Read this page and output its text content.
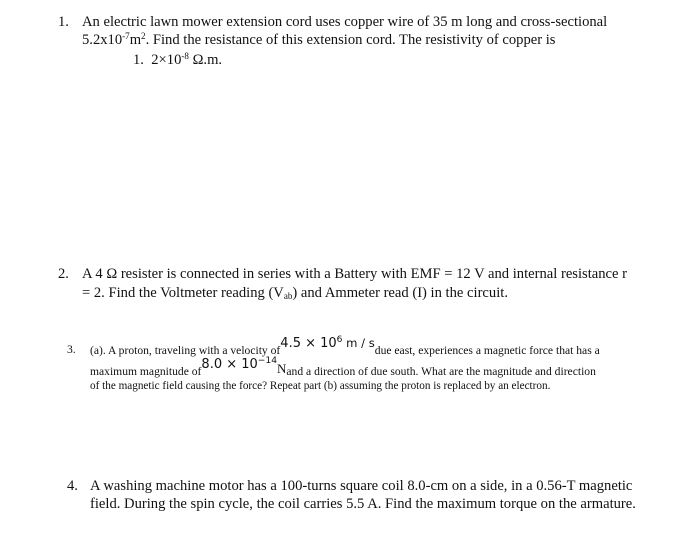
1. An electric lawn mower extension cord uses copper wire of 35 m long and cross-sectional
$5.2x10^{-7}m^2$. Find the resistance of this extension cord. The resistivity of copper is
1. $2\times 10^{-8}$ Ω.m.
2. A 4 Ω resister is connected in series with a Battery with EMF = 12 V and internal resistance r
= 2. Find the Voltmeter reading $(V_{ab})$ and Ammeter read (I) in the circuit.
3. (a). A proton, traveling with a velocity $of4.5 \times 10^6$ m / sdue east, experiences a magnetic force that has a
maximum magnitude $of8.0 \times 10^{-14}Nand$ a direction of due south. What are the magnitude and direction
of the magnetic field causing the force? Repeat part (b) assuming the proton is replaced by an electron.
4. A washing machine motor has a 100-turns square coil 8.0-cm on a side, in a 0.56-T magnetic
field. During the spin cycle, the coil carries 5.5 A. Find the maximum torque on the armature.
